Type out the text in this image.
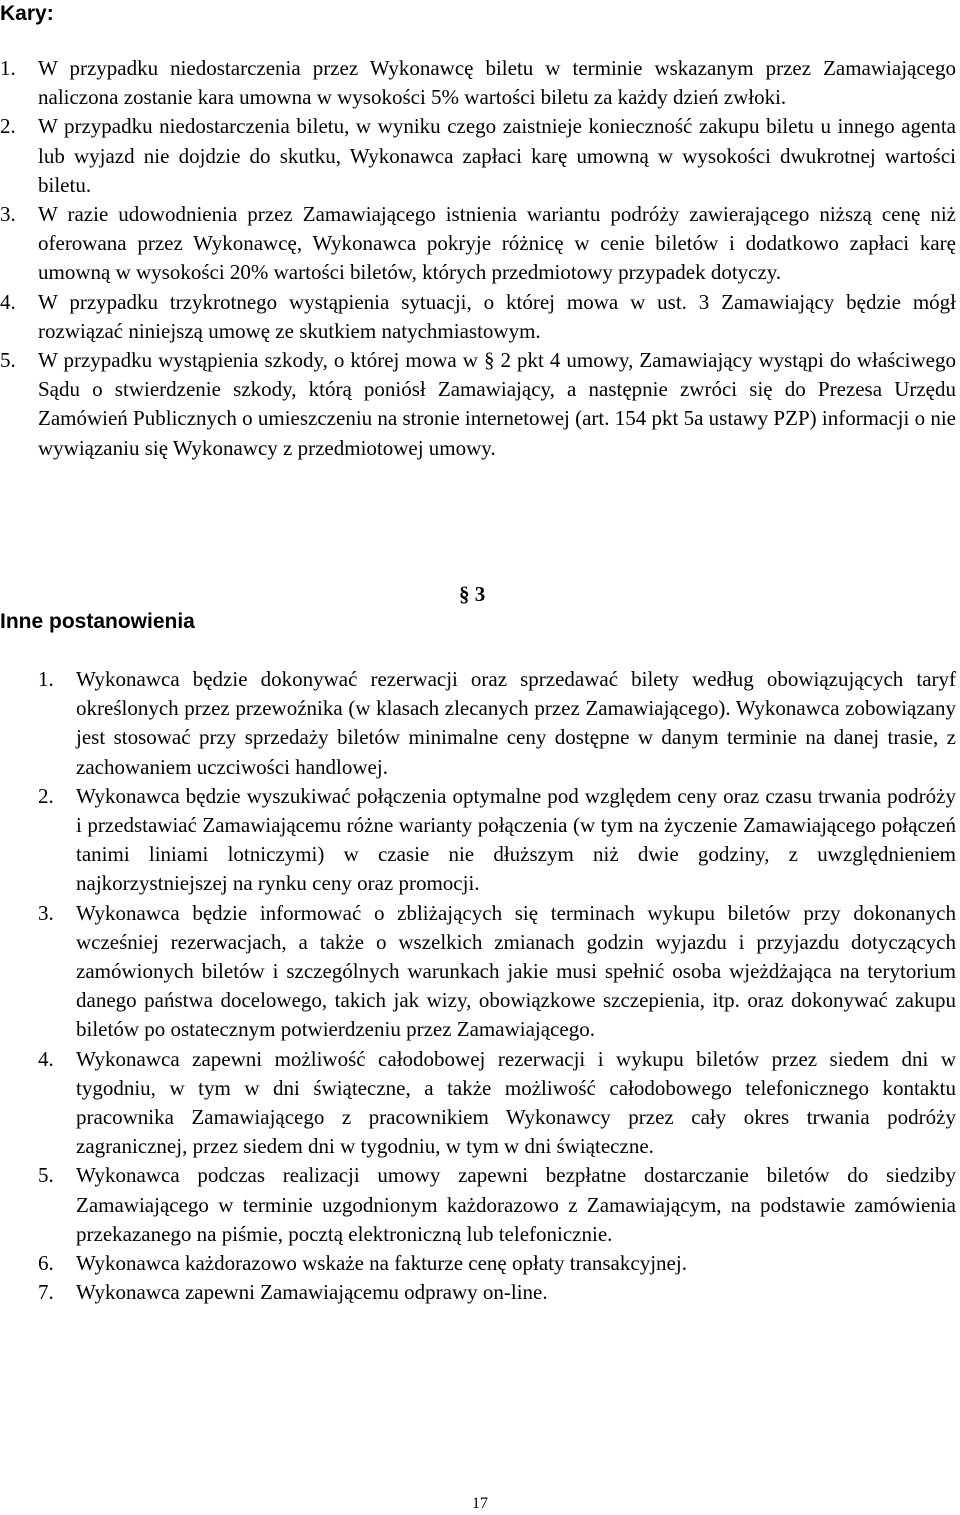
Kary:
1. W przypadku niedostarczenia przez Wykonawcę biletu w terminie wskazanym przez Zamawiającego naliczona zostanie kara umowna w wysokości 5% wartości biletu za każdy dzień zwłoki.
2. W przypadku niedostarczenia biletu, w wyniku czego zaistnieje konieczność zakupu biletu u innego agenta lub wyjazd nie dojdzie do skutku, Wykonawca zapłaci karę umowną w wysokości dwukrotnej wartości biletu.
3. W razie udowodnienia przez Zamawiającego istnienia wariantu podróży zawierającego niższą cenę niż oferowana przez Wykonawcę, Wykonawca pokryje różnicę w cenie biletów i dodatkowo zapłaci karę umowną w wysokości 20% wartości biletów, których przedmiotowy przypadek dotyczy.
4. W przypadku trzykrotnego wystąpienia sytuacji, o której mowa w ust. 3 Zamawiający będzie mógł rozwiązać niniejszą umowę ze skutkiem natychmiastowym.
5. W przypadku wystąpienia szkody, o której mowa w § 2 pkt 4 umowy, Zamawiający wystąpi do właściwego Sądu o stwierdzenie szkody, którą poniósł Zamawiający, a następnie zwróci się do Prezesa Urzędu Zamówień Publicznych o umieszczeniu na stronie internetowej (art. 154 pkt 5a ustawy PZP) informacji o nie wywiązaniu się Wykonawcy z przedmiotowej umowy.
§ 3
Inne postanowienia
1. Wykonawca będzie dokonywać rezerwacji oraz sprzedawać bilety według obowiązujących taryf określonych przez przewoźnika (w klasach zlecanych przez Zamawiającego). Wykonawca zobowiązany jest stosować przy sprzedaży biletów minimalne ceny dostępne w danym terminie na danej trasie, z zachowaniem uczciwości handlowej.
2. Wykonawca będzie wyszukiwać połączenia optymalne pod względem ceny oraz czasu trwania podróży i przedstawiać Zamawiającemu różne warianty połączenia (w tym na życzenie Zamawiającego połączeń tanimi liniami lotniczymi) w czasie nie dłuższym niż dwie godziny, z uwzględnieniem najkorzystniejszej na rynku ceny oraz promocji.
3. Wykonawca będzie informować o zbliżających się terminach wykupu biletów przy dokonanych wcześniej rezerwacjach, a także o wszelkich zmianach godzin wyjazdu i przyjazdu dotyczących zamówionych biletów i szczególnych warunkach jakie musi spełnić osoba wjeżdżająca na terytorium danego państwa docelowego, takich jak wizy, obowiązkowe szczepienia, itp. oraz dokonywać zakupu biletów po ostatecznym potwierdzeniu przez Zamawiającego.
4. Wykonawca zapewni możliwość całodobowej rezerwacji i wykupu biletów przez siedem dni w tygodniu, w tym w dni świąteczne, a także możliwość całodobowego telefonicznego kontaktu pracownika Zamawiającego z pracownikiem Wykonawcy przez cały okres trwania podróży zagranicznej, przez siedem dni w tygodniu, w tym w dni świąteczne.
5. Wykonawca podczas realizacji umowy zapewni bezpłatne dostarczanie biletów do siedziby Zamawiającego w terminie uzgodnionym każdorazowo z Zamawiającym, na podstawie zamówienia przekazanego na piśmie, pocztą elektroniczną lub telefonicznie.
6. Wykonawca każdorazowo wskaże na fakturze cenę opłaty transakcyjnej.
7. Wykonawca zapewni Zamawiającemu odprawy on-line.
17
